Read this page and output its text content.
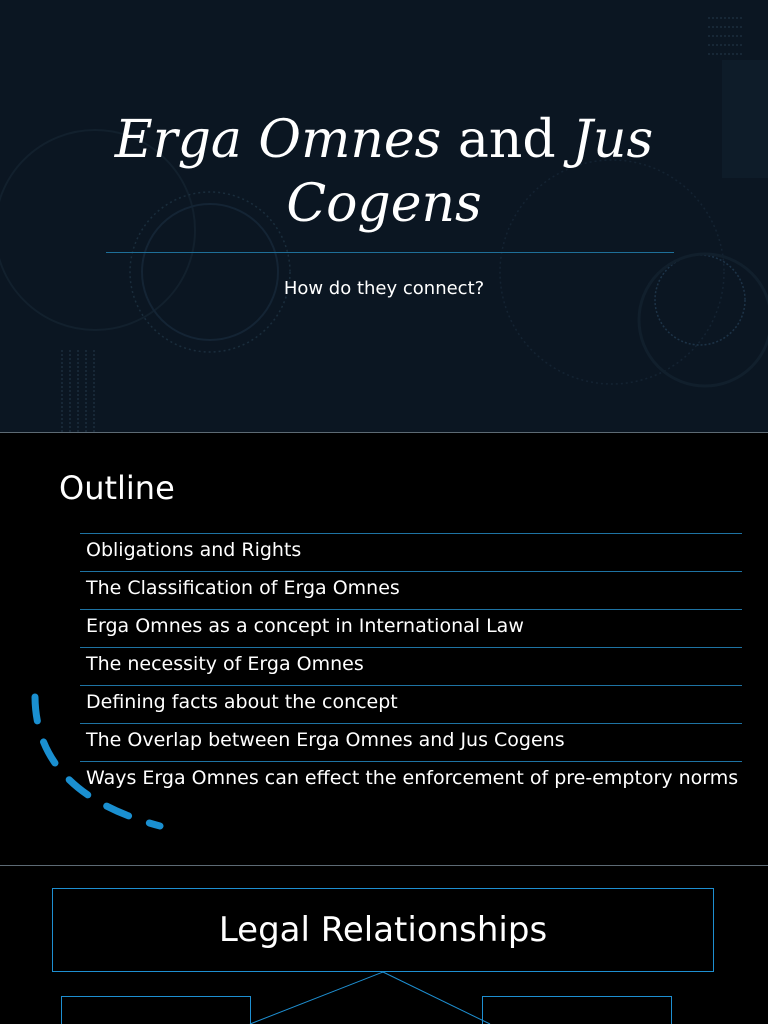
Erga Omnes and Jus
Cogens
How do they connect?
Outline
Obligations and Rights
The Classification of Erga Omnes
Erga Omnes as a concept in International Law
The necessity of Erga Omnes
Defining facts about the concept
The Overlap between Erga Omnes and Jus Cogens
Ways Erga Omnes can effect the enforcement of pre-emptory norms
Legal Relationships
